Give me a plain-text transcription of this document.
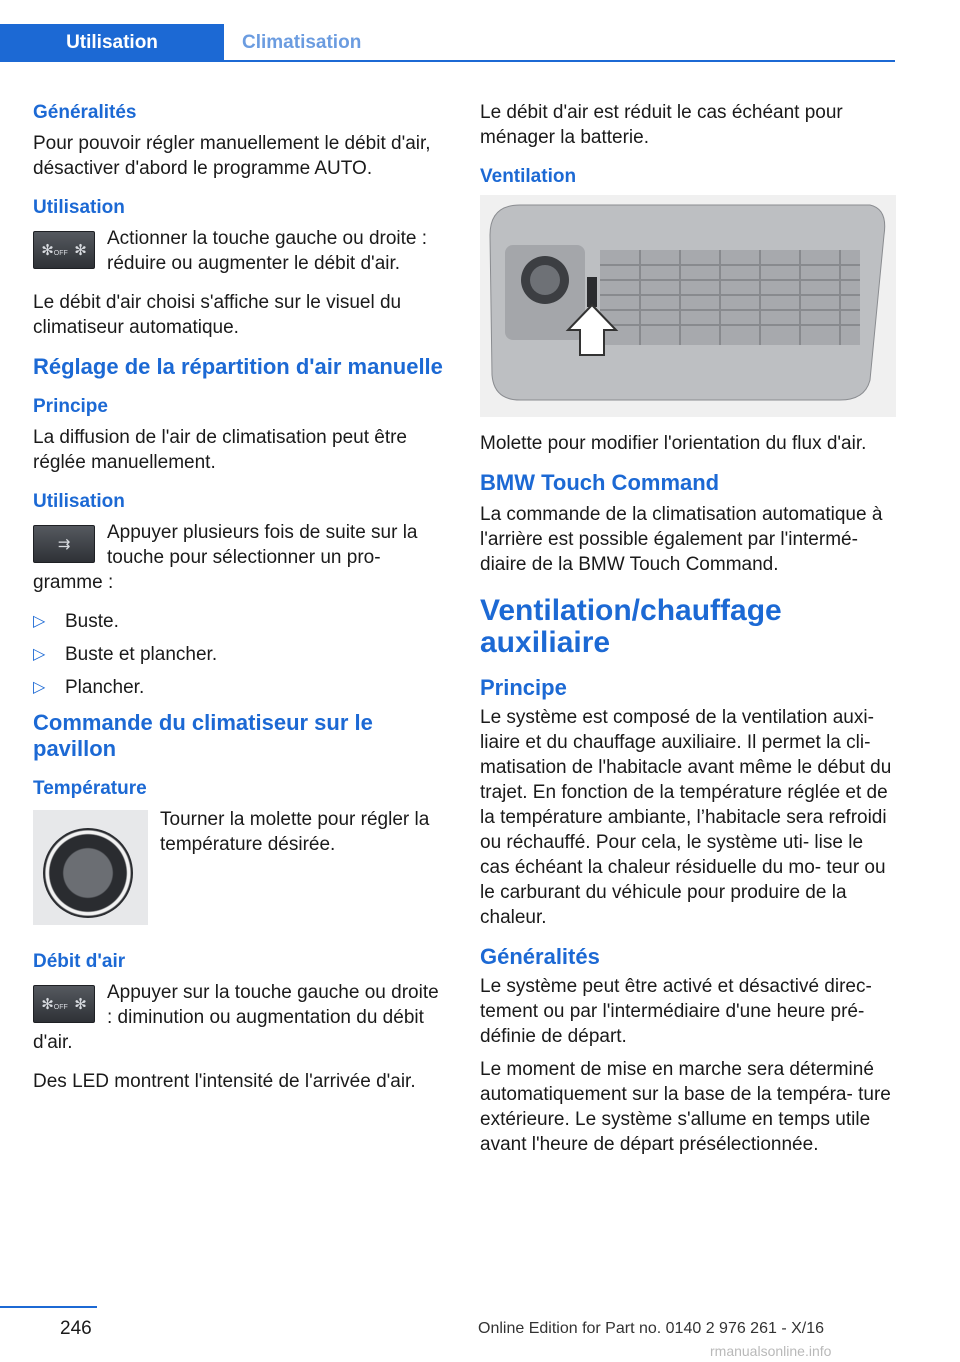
Utilisation	Climatisation
Généralités

Pour pouvoir régler manuellement le débit d'air, désactiver d'abord le programme AUTO.

Utilisation
✻OFF ✻

Actionner la touche gauche ou droite : réduire ou augmenter le débit d'air.

Le débit d'air choisi s'affiche sur le visuel du climatiseur automatique.

Réglage de la répartition d'air manuelle
Principe

La diffusion de l'air de climatisation peut être réglée manuellement.

Utilisation
⇉

Appuyer plusieurs fois de suite sur la touche pour sélectionner un pro‐ gramme :

▷	Buste.
▷	Buste et plancher.
▷	Plancher.
Commande du climatiseur sur le pavillon
Température

Tourner la molette pour régler la température désirée.

Débit d'air
✻OFF ✻

Appuyer sur la touche gauche ou droite : diminution ou augmentation du débit d'air.

Des LED montrent l'intensité de l'arrivée d'air.

Le débit d'air est réduit le cas échéant pour ménager la batterie.

Ventilation

Molette pour modifier l'orientation du flux d'air.

BMW Touch Command

La commande de la climatisation automatique à l'arrière est possible également par l'intermé‐ diaire de la BMW Touch Command.

Ventilation/chauffage auxiliaire
Principe

Le système est composé de la ventilation auxi‐ liaire et du chauffage auxiliaire. Il permet la cli‐ matisation de l'habitacle avant même le début du trajet. En fonction de la température réglée et de la température ambiante, l’habitacle sera refroidi ou réchauffé. Pour cela, le système uti‐ lise le cas échéant la chaleur résiduelle du mo‐ teur ou le carburant du véhicule pour produire de la chaleur.

Généralités

Le système peut être activé et désactivé direc‐ tement ou par l'intermédiaire d'une heure pré‐ définie de départ.

Le moment de mise en marche sera déterminé automatiquement sur la base de la tempéra‐ ture extérieure. Le système s'allume en temps utile avant l'heure de départ présélectionnée.

246	Online Edition for Part no. 0140 2 976 261 - X/16
rmanualsonline.info
